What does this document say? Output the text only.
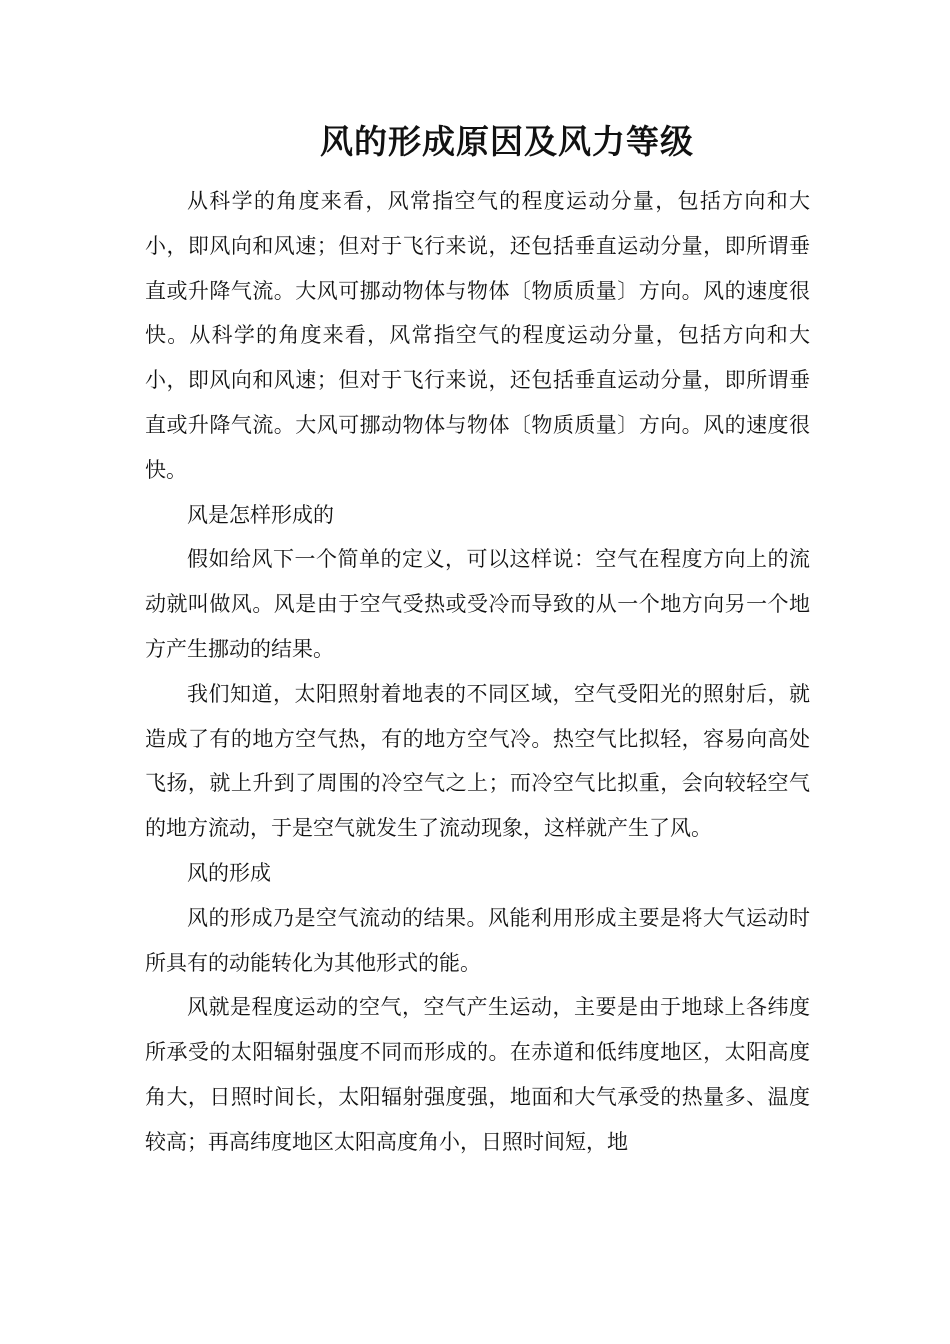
风的形成原因及风力等级

从科学的角度来看，风常指空气的程度运动分量，包括方向和大小，即风向和风速；但对于飞行来说，还包括垂直运动分量，即所谓垂直或升降气流。大风可挪动物体与物体〔物质质量〕方向。风的速度很快。从科学的角度来看，风常指空气的程度运动分量，包括方向和大小，即风向和风速；但对于飞行来说，还包括垂直运动分量，即所谓垂直或升降气流。大风可挪动物体与物体〔物质质量〕方向。风的速度很快。

风是怎样形成的

假如给风下一个简单的定义，可以这样说：空气在程度方向上的流动就叫做风。风是由于空气受热或受冷而导致的从一个地方向另一个地方产生挪动的结果。

我们知道，太阳照射着地表的不同区域，空气受阳光的照射后，就造成了有的地方空气热，有的地方空气冷。热空气比拟轻，容易向高处飞扬，就上升到了周围的冷空气之上；而冷空气比拟重，会向较轻空气的地方流动，于是空气就发生了流动现象，这样就产生了风。

风的形成

风的形成乃是空气流动的结果。风能利用形成主要是将大气运动时所具有的动能转化为其他形式的能。

风就是程度运动的空气，空气产生运动，主要是由于地球上各纬度所承受的太阳辐射强度不同而形成的。在赤道和低纬度地区，太阳高度角大，日照时间长，太阳辐射强度强，地面和大气承受的热量多、温度较高；再高纬度地区太阳高度角小，日照时间短，地
